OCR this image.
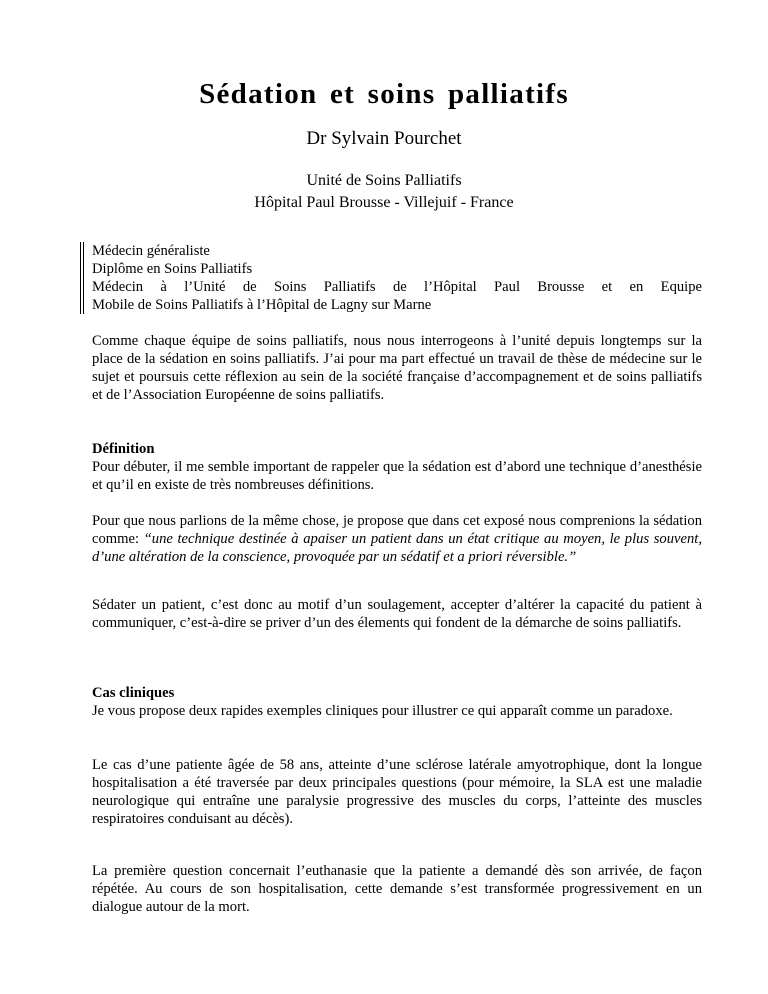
Sédation et soins palliatifs
Dr Sylvain Pourchet
Unité de Soins Palliatifs
Hôpital Paul Brousse - Villejuif - France
Médecin généraliste
Diplôme en Soins Palliatifs
Médecin à l’Unité de Soins Palliatifs de l’Hôpital Paul Brousse et en Equipe
Mobile de Soins Palliatifs à l’Hôpital de Lagny sur Marne

Comme chaque équipe de soins palliatifs, nous nous interrogeons à l’unité depuis longtemps sur la place de la sédation en soins palliatifs. J’ai pour ma part effectué un travail de thèse de médecine sur le sujet et poursuis cette réflexion au sein de la société française d’accompagnement et de soins palliatifs et de l’Association Européenne de soins palliatifs.

Définition

Pour débuter, il me semble important de rappeler que la sédation est d’abord une technique d’anesthésie et qu’il en existe de très nombreuses définitions.

Pour que nous parlions de la même chose, je propose que dans cet exposé nous comprenions la sédation comme: “une technique destinée à apaiser un patient dans un état critique au moyen, le plus souvent, d’une altération de la conscience, provoquée par un sédatif et a priori réversible.”

Sédater un patient, c’est donc au motif d’un soulagement, accepter d’altérer la capacité du patient à communiquer, c’est-à-dire se priver d’un des élements qui fondent de la démarche de soins palliatifs.

Cas cliniques

Je vous propose deux rapides exemples cliniques pour illustrer ce qui apparaît comme un paradoxe.

Le cas d’une patiente âgée de 58 ans, atteinte d’une sclérose latérale amyotrophique, dont la longue hospitalisation a été traversée par deux principales questions (pour mémoire, la SLA est une maladie neurologique qui entraîne une paralysie progressive des muscles du corps, l’atteinte des muscles respiratoires conduisant au décès).

La première question concernait l’euthanasie que la patiente a demandé dès son arrivée, de façon répétée. Au cours de son hospitalisation, cette demande s’est transformée progressivement en un dialogue autour de la mort.
